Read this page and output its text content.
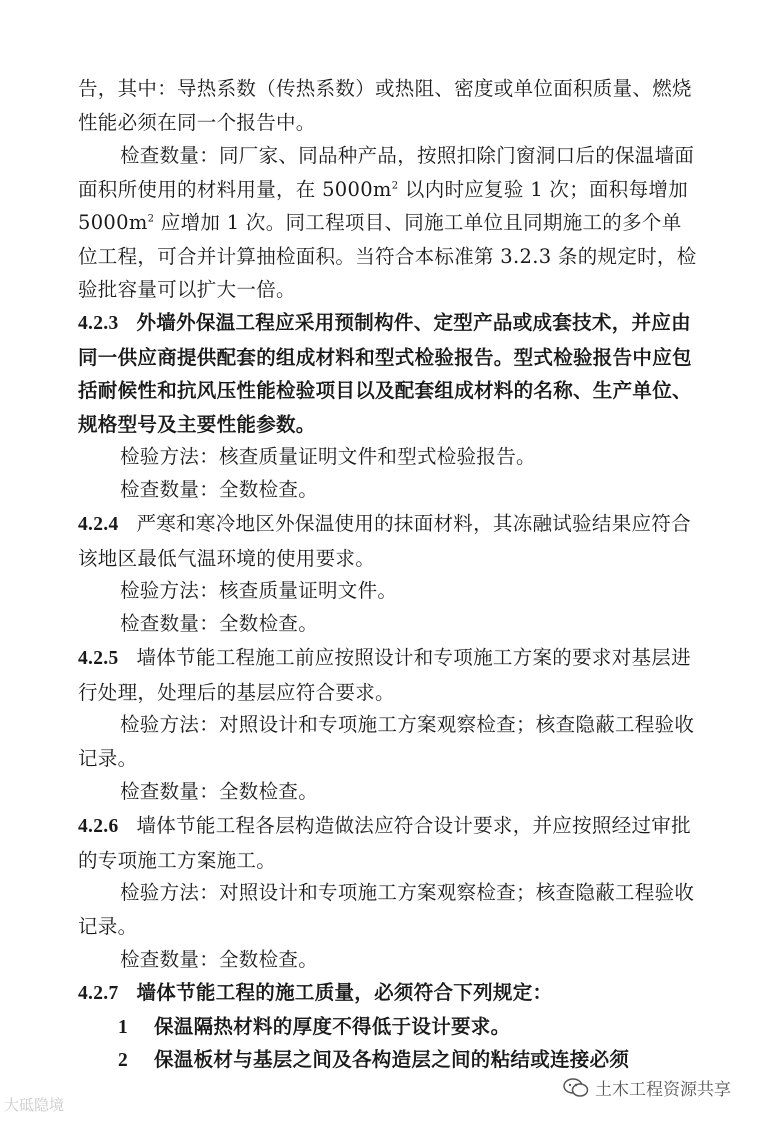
告，其中：导热系数（传热系数）或热阻、密度或单位面积质量、燃烧性能必须在同一个报告中。
检查数量：同厂家、同品种产品，按照扣除门窗洞口后的保温墙面面积所使用的材料用量，在 $5000m^2$ 以内时应复验 1 次；面积每增加 $5000m^2$ 应增加 1 次。同工程项目、同施工单位且同期施工的多个单位工程，可合并计算抽检面积。当符合本标准第 3.2.3 条的规定时，检验批容量可以扩大一倍。
4.2.3 外墙外保温工程应采用预制构件、定型产品或成套技术，并应由同一供应商提供配套的组成材料和型式检验报告。型式检验报告中应包括耐候性和抗风压性能检验项目以及配套组成材料的名称、生产单位、规格型号及主要性能参数。
检验方法：核查质量证明文件和型式检验报告。
检查数量：全数检查。
4.2.4 严寒和寒冷地区外保温使用的抹面材料，其冻融试验结果应符合该地区最低气温环境的使用要求。
检验方法：核查质量证明文件。
检查数量：全数检查。
4.2.5 墙体节能工程施工前应按照设计和专项施工方案的要求对基层进行处理，处理后的基层应符合要求。
检验方法：对照设计和专项施工方案观察检查；核查隐蔽工程验收记录。
检查数量：全数检查。
4.2.6 墙体节能工程各层构造做法应符合设计要求，并应按照经过审批的专项施工方案施工。
检验方法：对照设计和专项施工方案观察检查；核查隐蔽工程验收记录。
检查数量：全数检查。
4.2.7 墙体节能工程的施工质量，必须符合下列规定：
1 保温隔热材料的厚度不得低于设计要求。
2 保温板材与基层之间及各构造层之间的粘结或连接必须
大砥隐境
土木工程资源共享
